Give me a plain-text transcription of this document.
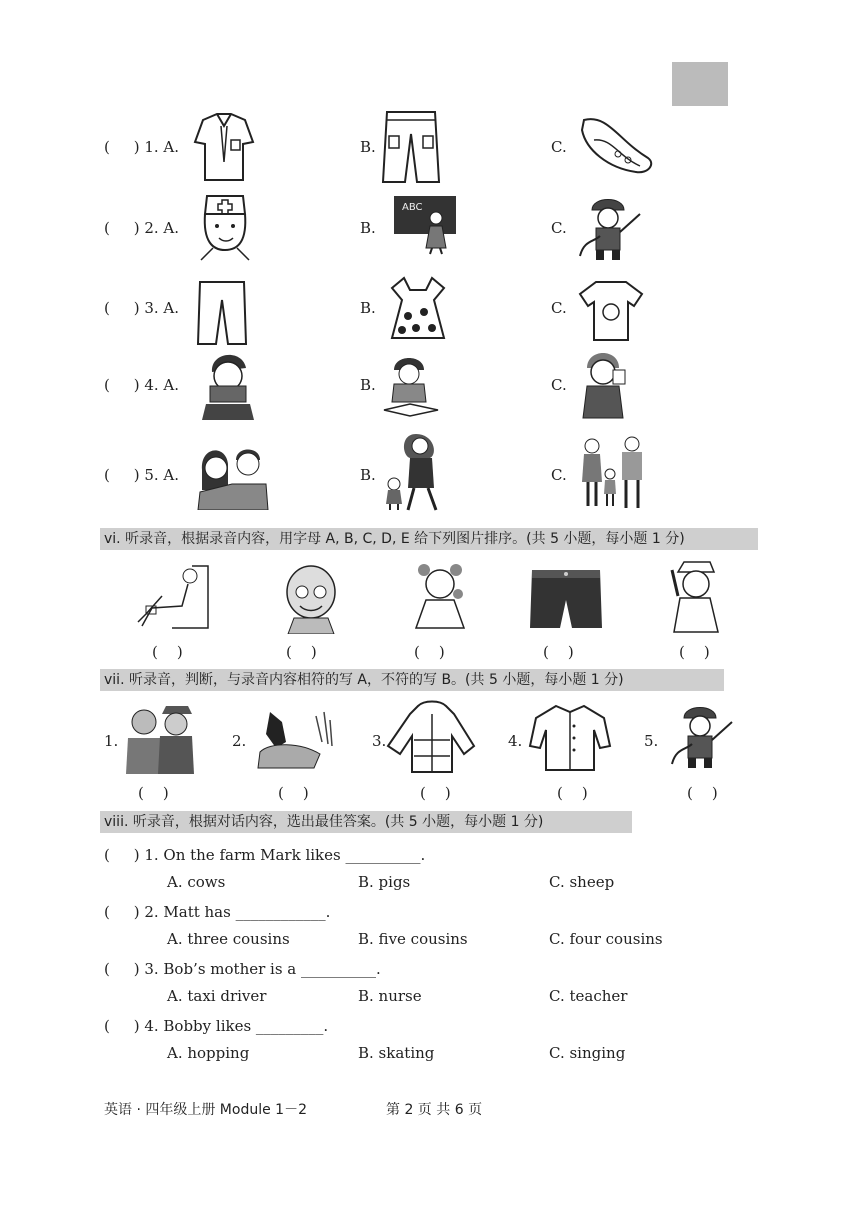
(     ) 1. A.	B.	C.
(     ) 2. A.	B.	C.
ABC
(     ) 3. A.	B.	C.
(     ) 4. A.	B.	C.
(     ) 5. A.	B.	C.
vi. 听录音，根据录音内容，用字母 A, B, C, D, E 给下列图片排序。(共 5 小题，每小题 1 分)
(    )	(    )	(    )	(    )	(    )
vii. 听录音，判断，与录音内容相符的写 A，不符的写 B。(共 5 小题，每小题 1 分)
1.	2.	3.	4.	5.
(    )	(    )	(    )	(    )	(    )
viii. 听录音，根据对话内容，选出最佳答案。(共 5 小题，每小题 1 分)
(     ) 1. On the farm Mark likes __________.
A. cows	B. pigs	C. sheep
(     ) 2. Matt has ____________.
A. three cousins	B. five cousins	C. four cousins
(     ) 3. Bob’s mother is a __________.
A. taxi driver	B. nurse	C. teacher
(     ) 4. Bobby likes _________.
A. hopping	B. skating	C. singing
英语 · 四年级上册 Module 1－2	第 2 页 共 6 页
